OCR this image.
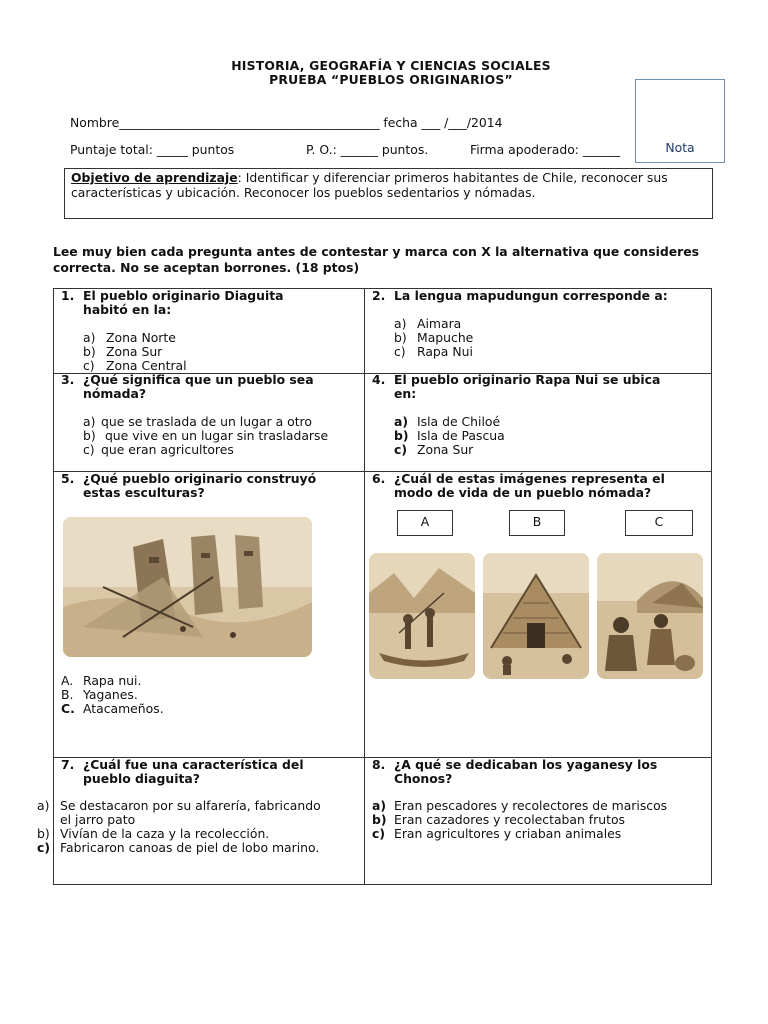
HISTORIA, GEOGRAFÍA Y CIENCIAS SOCIALES
PRUEBA “PUEBLOS ORIGINARIOS”
Nota
Nombre__________________________________________ fecha ___ /___/2014
Puntaje total: _____ puntos	P. O.: ______ puntos.	Firma apoderado: ______
Objetivo de aprendizaje: Identificar y diferenciar primeros habitantes de Chile, reconocer sus características y ubicación. Reconocer los pueblos sedentarios y nómadas.
Lee muy bien cada pregunta antes de contestar y marca con X la alternativa que consideres correcta. No se aceptan borrones. (18 ptos)
1. El pueblo originario Diaguita
habitó en la:
a) Zona Norte
b) Zona Sur
c) Zona Central
2. La lengua mapudungun corresponde a:
a) Aimara
b) Mapuche
c) Rapa Nui
3. ¿Qué significa que un pueblo sea
nómada?
a) que se traslada de un lugar a otro
b) que vive en un lugar sin trasladarse
c) que eran agricultores
4. El pueblo originario Rapa Nui se ubica
en:
a) Isla de Chiloé
b) Isla de Pascua
c) Zona Sur
5. ¿Qué pueblo originario construyó
estas esculturas?
A. Rapa nui.
B. Yaganes.
C. Atacameños.
6. ¿Cuál de estas imágenes representa el
modo de vida de un pueblo nómada?
A	B	C
7. ¿Cuál fue una característica del
pueblo diaguita?
a) Se destacaron por su alfarería, fabricando
el jarro pato
b) Vivían de la caza y la recolección.
c) Fabricaron canoas de piel de lobo marino.
8. ¿A qué se dedicaban los yaganesy los
Chonos?
a) Eran pescadores y recolectores de mariscos
b) Eran cazadores y recolectaban frutos
c) Eran agricultores y criaban animales
